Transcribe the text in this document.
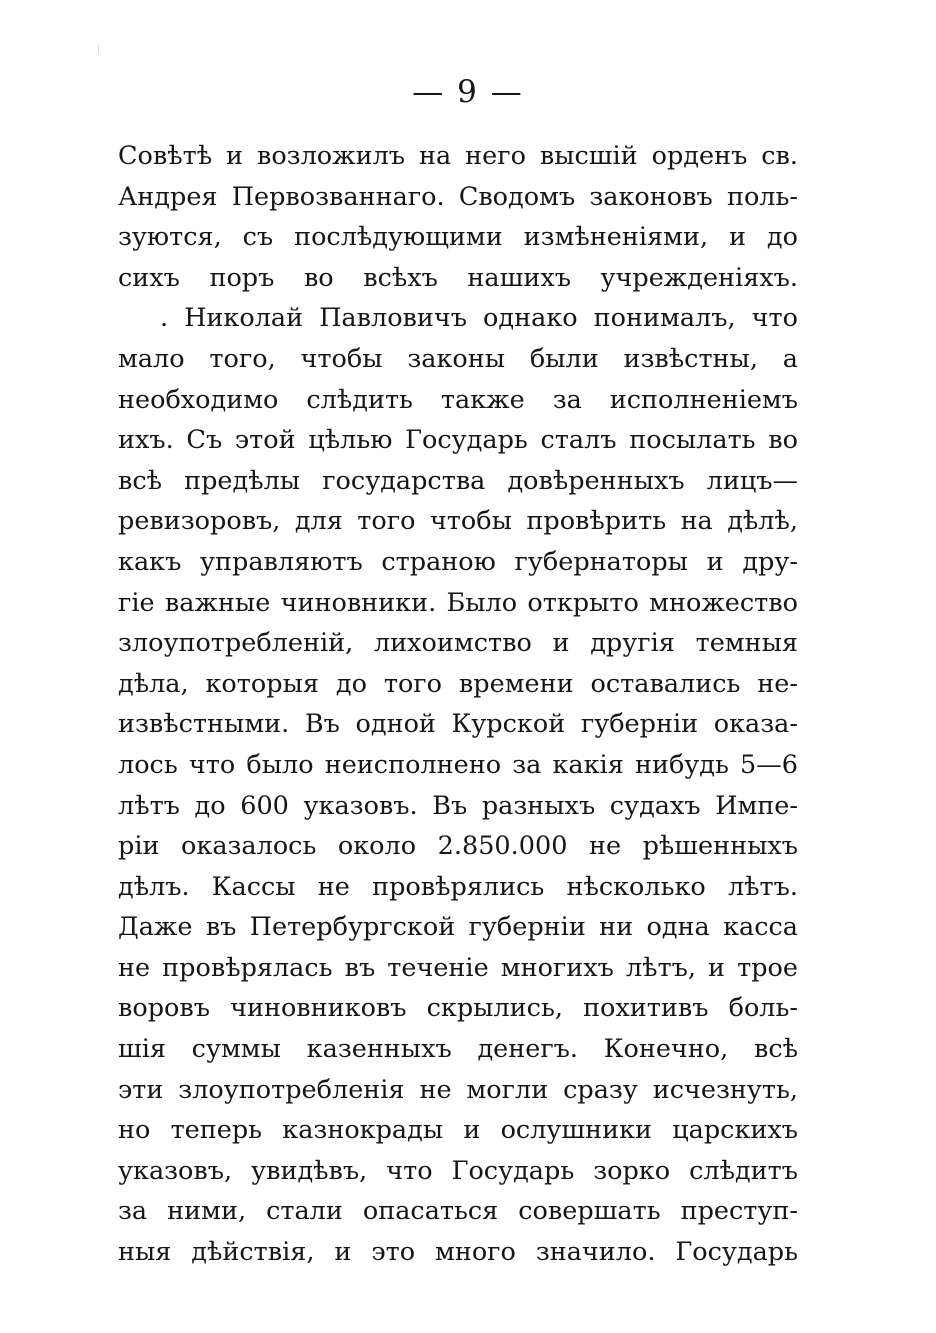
— 9 —
Совѣтѣ и возложилъ на него высшій орденъ св.
Андрея Первозваннаго. Сводомъ законовъ поль-
зуются, съ послѣдующими измѣненіями, и до
сихъ поръ во всѣхъ нашихъ учрежденіяхъ.
. Николай Павловичъ однако понималъ, что
мало того, чтобы законы были извѣстны, а
необходимо слѣдить также за исполненіемъ
ихъ. Съ этой цѣлью Государь сталъ посылать во
всѣ предѣлы государства довѣренныхъ лицъ—
ревизоровъ, для того чтобы провѣрить на дѣлѣ,
какъ управляютъ страною губернаторы и дру-
гіе важные чиновники. Было открыто множество
злоупотребленій, лихоимство и другія темныя
дѣла, которыя до того времени оставались не-
извѣстными. Въ одной Курской губерніи оказа-
лось что было неисполнено за какія нибудь 5—6
лѣтъ до 600 указовъ. Въ разныхъ судахъ Импе-
ріи оказалось около 2.850.000 не рѣшенныхъ
дѣлъ. Кассы не провѣрялись нѣсколько лѣтъ.
Даже въ Петербургской губерніи ни одна касса
не провѣрялась въ теченіе многихъ лѣтъ, и трое
воровъ чиновниковъ скрылись, похитивъ боль-
шія суммы казенныхъ денегъ. Конечно, всѣ
эти злоупотребленія не могли сразу исчезнуть,
но теперь казнокрады и ослушники царскихъ
указовъ, увидѣвъ, что Государь зорко слѣдитъ
за ними, стали опасаться совершать преступ-
ныя дѣйствія, и это много значило. Государь
